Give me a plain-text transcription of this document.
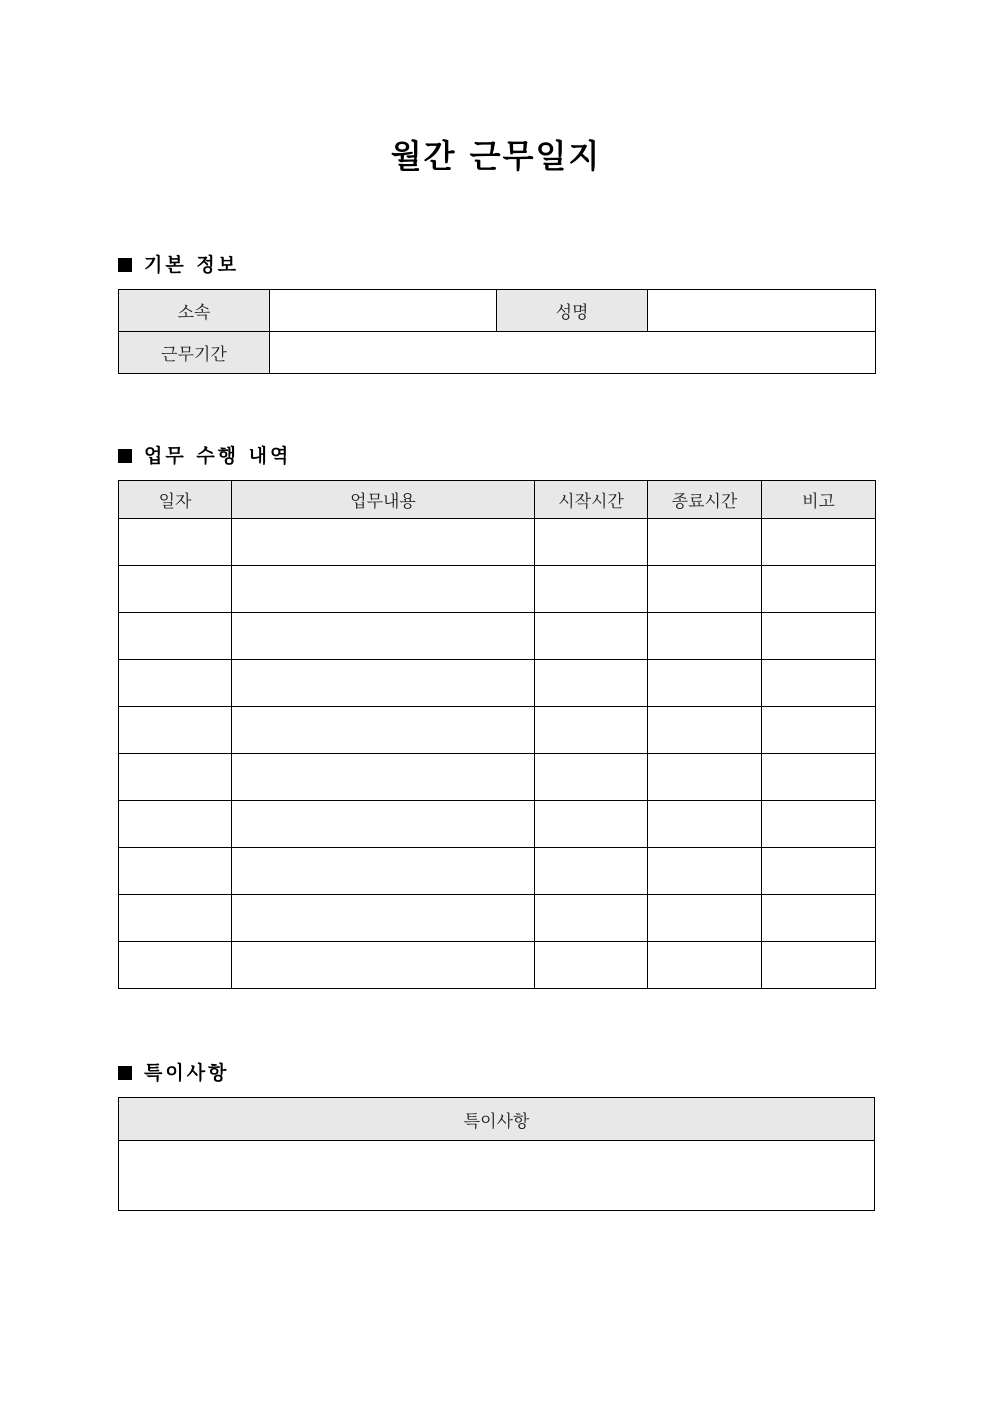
월간 근무일지
기본 정보
소속		성명	
근무기간			
업무 수행 내역
일자	업무내용	시작시간	종료시간	비고

특이사항
특이사항
